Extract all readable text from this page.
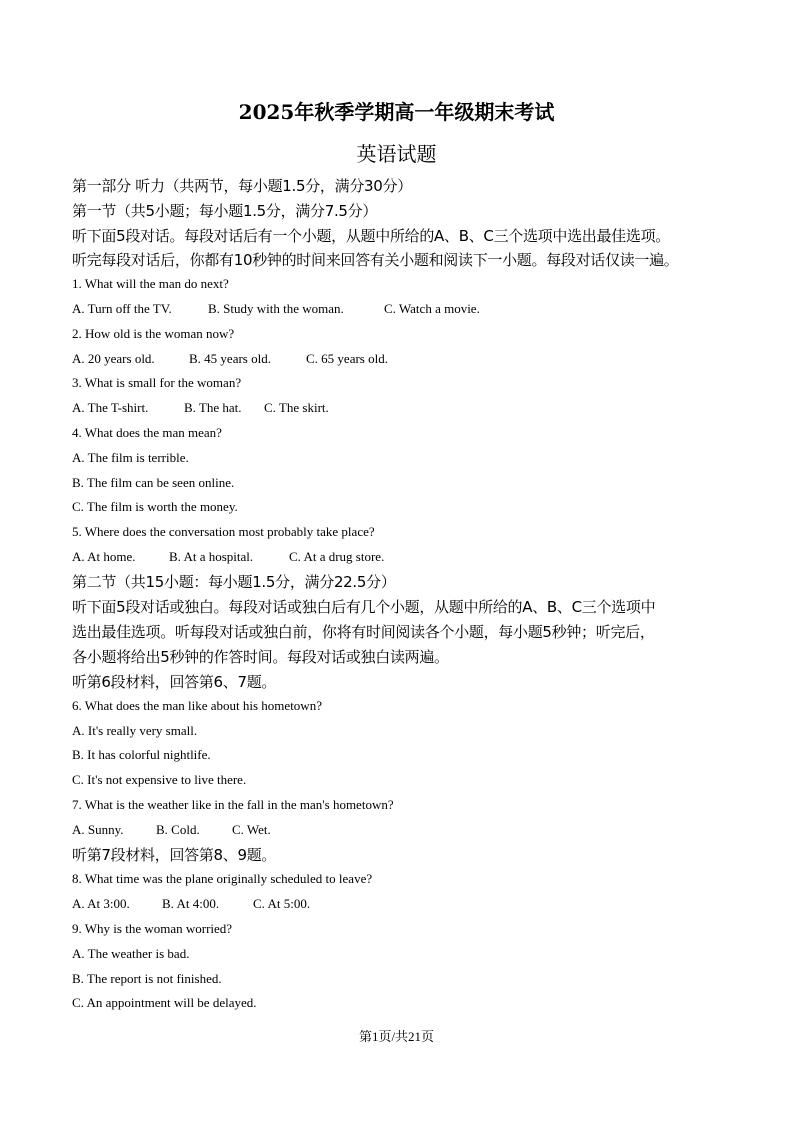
2025年秋季学期高一年级期末考试
英语试题
第一部分 听力（共两节，每小题1.5分，满分30分）
第一节（共5小题；每小题1.5分，满分7.5分）
听下面5段对话。每段对话后有一个小题，从题中所给的A、B、C三个选项中选出最佳选项。
听完每段对话后，你都有10秒钟的时间来回答有关小题和阅读下一小题。每段对话仅读一遍。
1. What will the man do next?
A. Turn off the TV.	B. Study with the woman.	C. Watch a movie.
2. How old is the woman now?
A. 20 years old.	B. 45 years old.	C. 65 years old.
3. What is small for the woman?
A. The T-shirt.	B. The hat. C. The skirt.
4. What does the man mean?
A. The film is terrible.
B. The film can be seen online.
C. The film is worth the money.
5. Where does the conversation most probably take place?
A. At home.	B. At a hospital.	C. At a drug store.
第二节（共15小题：每小题1.5分，满分22.5分）
听下面5段对话或独白。每段对话或独白后有几个小题，从题中所给的A、B、C三个选项中
选出最佳选项。听每段对话或独白前，你将有时间阅读各个小题，每小题5秒钟；听完后，
各小题将给出5秒钟的作答时间。每段对话或独白读两遍。
听第6段材料，回答第6、7题。
6. What does the man like about his hometown?
A. It's really very small.
B. It has colorful nightlife.
C. It's not expensive to live there.
7. What is the weather like in the fall in the man's hometown?
A. Sunny. B. Cold. C. Wet.
听第7段材料，回答第8、9题。
8. What time was the plane originally scheduled to leave?
A. At 3:00. B. At 4:00.	C. At 5:00.
9. Why is the woman worried?
A. The weather is bad.
B. The report is not finished.
C. An appointment will be delayed.
第1页/共21页
